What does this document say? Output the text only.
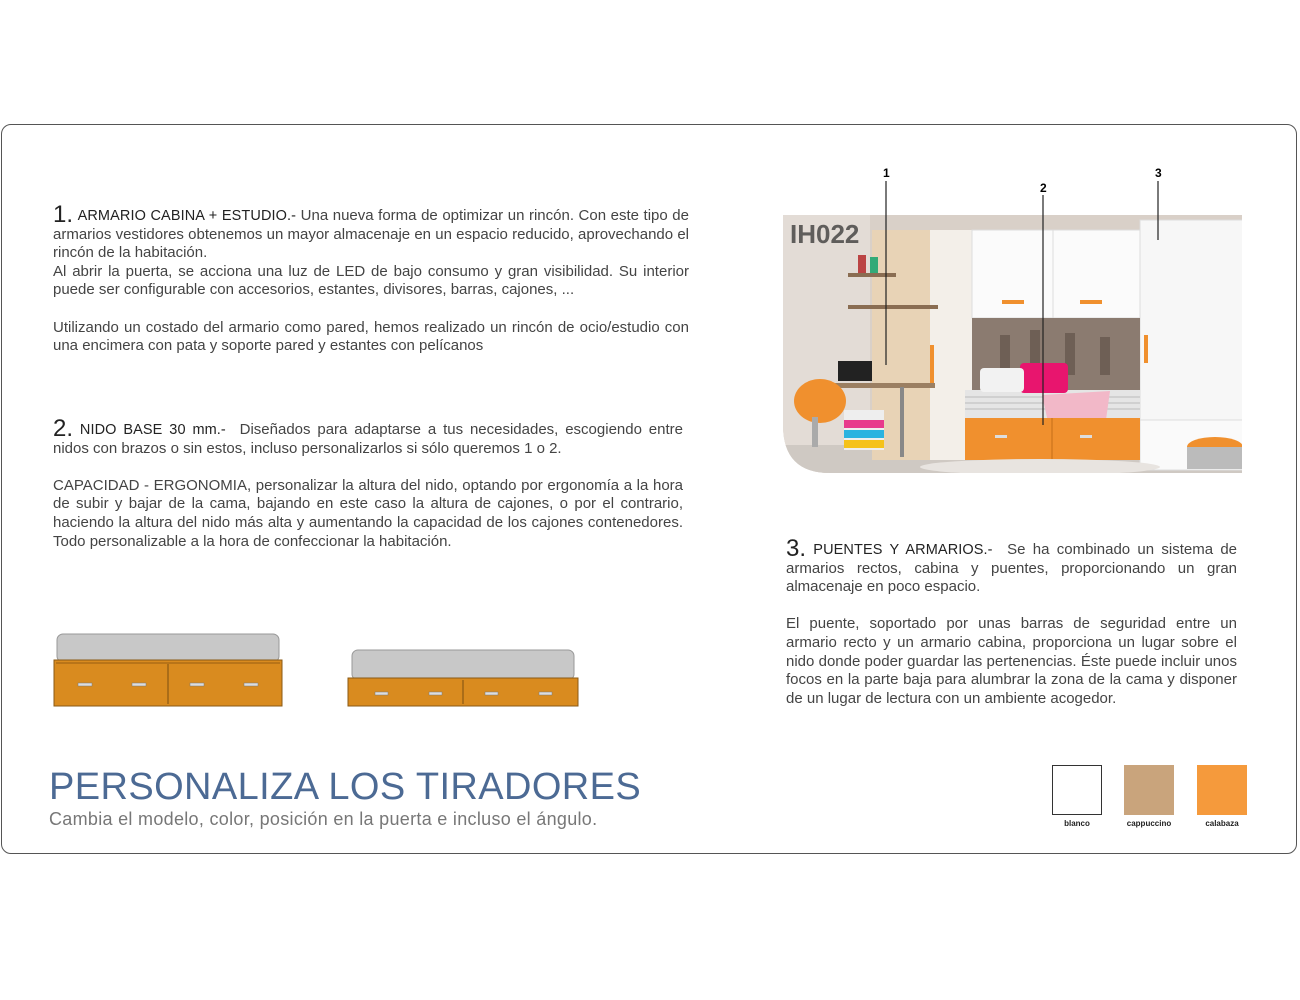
1. ARMARIO CABINA + ESTUDIO.- Una nueva forma de optimizar un rincón. Con este tipo de armarios vestidores obtenemos un mayor almacenaje en un espacio reducido, aprovechando el rincón de la habitación.
Al abrir la puerta, se acciona una luz de LED de bajo consumo y gran visibilidad. Su interior puede ser configurable con accesorios, estantes, divisores, barras, cajones, ...

Utilizando un costado del armario como pared, hemos realizado un rincón de ocio/estudio con una encimera con pata y soporte pared y estantes con pelícanos
2. NIDO BASE 30 mm.- Diseñados para adaptarse a tus necesidades, escogiendo entre nidos con brazos o sin estos, incluso personalizarlos si sólo queremos 1 o 2.

CAPACIDAD - ERGONOMIA, personalizar la altura del nido, optando por ergonomía a la hora de subir y bajar de la cama, bajando en este caso la altura de cajones, o por el contrario, haciendo la altura del nido más alta y aumentando la capacidad de los cajones contenedores. Todo personalizable a la hora de confeccionar la habitación.	3. PUENTES Y ARMARIOS.- Se ha combinado un sistema de armarios rectos, cabina y puentes, proporcionando un gran almacenaje en poco espacio.

El puente, soportado por unas barras de seguridad entre un armario recto y un armario cabina, proporciona un lugar sobre el nido donde poder guardar las pertenencias. Éste puede incluir unos focos en la parte baja para alumbrar la zona de la cama y disponer de un lugar de lectura con un ambiente acogedor.
IH022
1
2
3
PERSONALIZA LOS TIRADORES
Cambia el modelo, color, posición en la puerta e incluso el ángulo.	blanco	cappuccino	calabaza
